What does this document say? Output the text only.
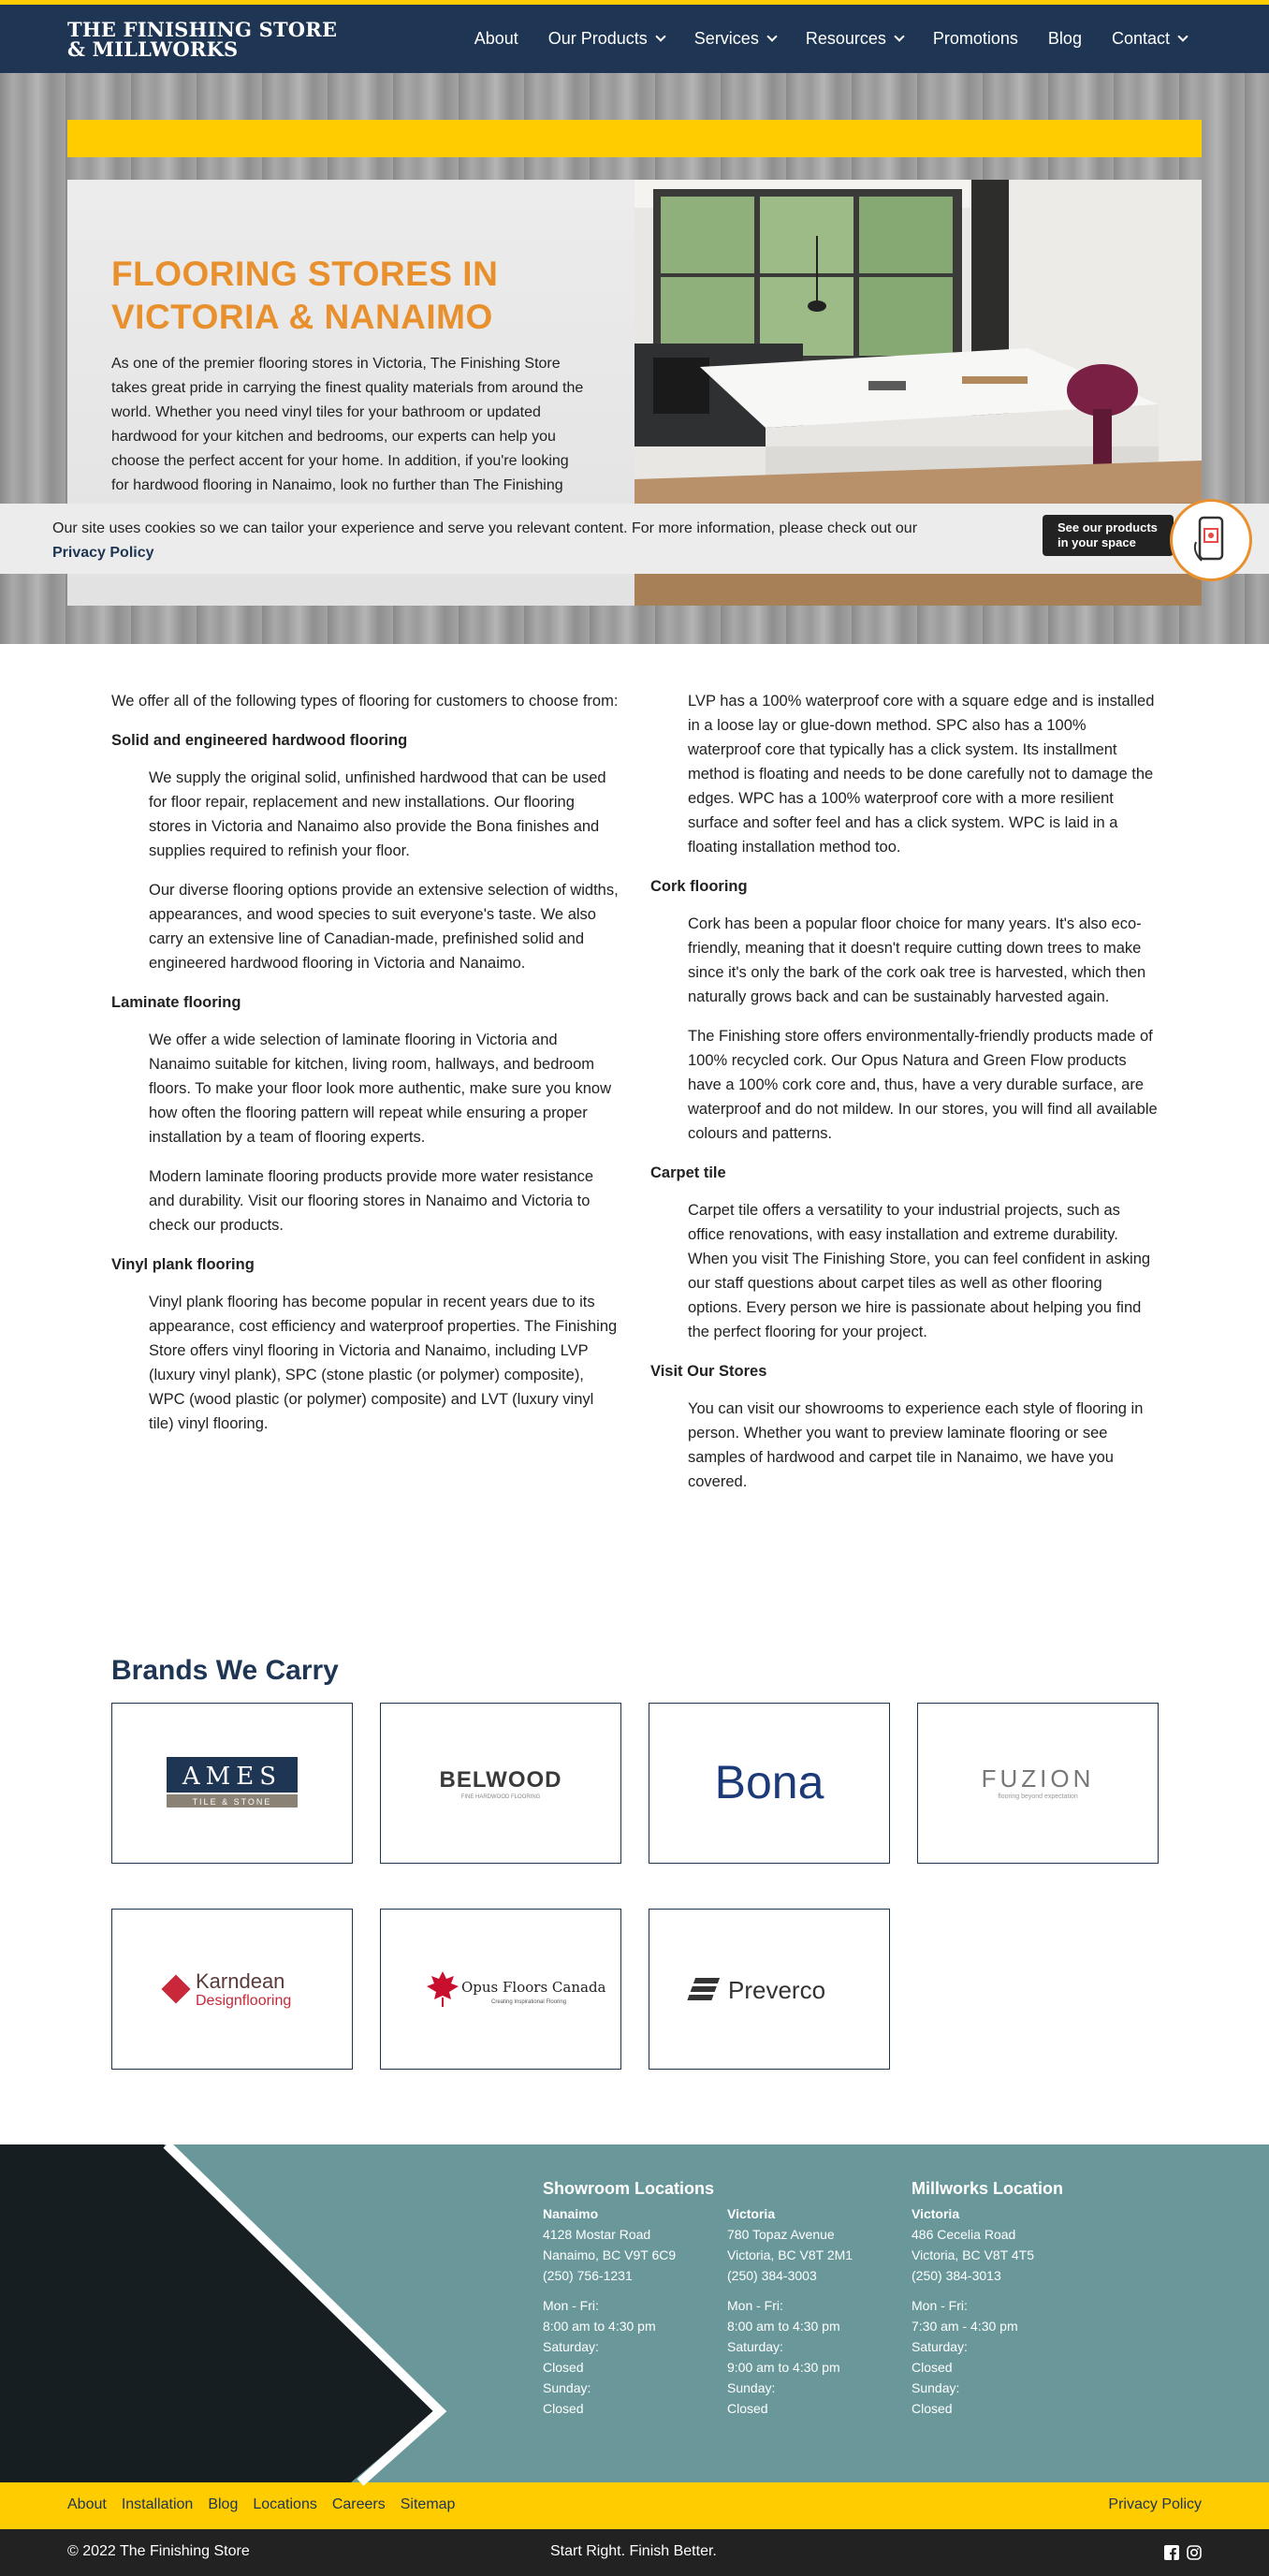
THE FINISHING STORE
& MILLWORKS	About Our Products	Services	Resources	Promotions Blog Contact
FLOORING STORES IN VICTORIA & NANAIMO

As one of the premier flooring stores in Victoria, The Finishing Store takes great pride in carrying the finest quality materials from around the world. Whether you need vinyl tiles for your bathroom or updated hardwood for your kitchen and bedrooms, our experts can help you choose the perfect accent for your home. In addition, if you're looking for hardwood flooring in Nanaimo, look no further than The Finishing

Our site uses cookies so we can tailor your experience and serve you relevant content. For more information, please check out our
Privacy Policy
See our products
in your space

We offer all of the following types of flooring for customers to choose from:

Solid and engineered hardwood flooring

We supply the original solid, unfinished hardwood that can be used for floor repair, replacement and new installations. Our flooring stores in Victoria and Nanaimo also provide the Bona finishes and supplies required to refinish your floor.

Our diverse flooring options provide an extensive selection of widths, appearances, and wood species to suit everyone's taste. We also carry an extensive line of Canadian-made, prefinished solid and engineered hardwood flooring in Victoria and Nanaimo.

Laminate flooring

We offer a wide selection of laminate flooring in Victoria and Nanaimo suitable for kitchen, living room, hallways, and bedroom floors. To make your floor look more authentic, make sure you know how often the flooring pattern will repeat while ensuring a proper installation by a team of flooring experts.

Modern laminate flooring products provide more water resistance and durability. Visit our flooring stores in Nanaimo and Victoria to check our products.

Vinyl plank flooring

Vinyl plank flooring has become popular in recent years due to its appearance, cost efficiency and waterproof properties. The Finishing Store offers vinyl flooring in Victoria and Nanaimo, including LVP (luxury vinyl plank), SPC (stone plastic (or polymer) composite), WPC (wood plastic (or polymer) composite) and LVT (luxury vinyl tile) vinyl flooring.

LVP has a 100% waterproof core with a square edge and is installed in a loose lay or glue-down method. SPC also has a 100% waterproof core that typically has a click system. Its installment method is floating and needs to be done carefully not to damage the edges. WPC has a 100% waterproof core with a more resilient surface and softer feel and has a click system. WPC is laid in a floating installation method too.

Cork flooring

Cork has been a popular floor choice for many years. It's also eco-friendly, meaning that it doesn't require cutting down trees to make since it's only the bark of the cork oak tree is harvested, which then naturally grows back and can be sustainably harvested again.

The Finishing store offers environmentally-friendly products made of 100% recycled cork. Our Opus Natura and Green Flow products have a 100% cork core and, thus, have a very durable surface, are waterproof and do not mildew. In our stores, you will find all available colours and patterns.

Carpet tile

Carpet tile offers a versatility to your industrial projects, such as office renovations, with easy installation and extreme durability. When you visit The Finishing Store, you can feel confident in asking our staff questions about carpet tiles as well as other flooring options. Every person we hire is passionate about helping you find the perfect flooring for your project.

Visit Our Stores

You can visit our showrooms to experience each style of flooring in person. Whether you want to preview laminate flooring or see samples of hardwood and carpet tile in Nanaimo, we have you covered.

Brands We Carry
AMES
TILE & STONE
BELWOOD
FINE HARDWOOD FLOORING	Bona	FUZION
flooring beyond expectation
Karndean
Designflooring
Opus Floors Canada
Creating Inspirational Flooring	Preverco
Showroom Locations
Nanaimo
4128 Mostar Road
Nanaimo, BC V9T 6C9
(250) 756-1231
Mon - Fri:
8:00 am to 4:30 pm
Saturday:
Closed
Sunday:
Closed
Victoria
780 Topaz Avenue
Victoria, BC V8T 2M1
(250) 384-3003
Mon - Fri:
8:00 am to 4:30 pm
Saturday:
9:00 am to 4:30 pm
Sunday:
Closed
Millworks Location
Victoria
486 Cecelia Road
Victoria, BC V8T 4T5
(250) 384-3013
Mon - Fri:
7:30 am - 4:30 pm
Saturday:
Closed
Sunday:
Closed
About Installation Blog Locations Careers Sitemap	Privacy Policy
© 2022 The Finishing Store	Start Right. Finish Better.
